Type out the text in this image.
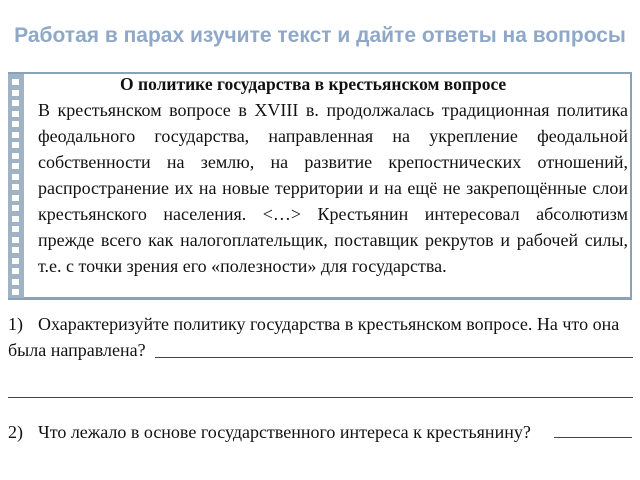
Работая в парах изучите текст и дайте ответы на вопросы
О политике государства в крестьянском вопросе

В крестьянском вопросе в XVIII в. продолжалась традиционная политика феодального государства, направленная на укрепление феодальной собственности на землю, на развитие крепостнических отношений, распространение их на новые территории и на ещё не закрепощённые слои крестьянского населения. <…> Крестьянин интересовал абсолютизм прежде всего как налогоплательщик, поставщик рекрутов и рабочей силы, т.е. с точки зрения его «полезности» для государства.

1) Охарактеризуйте политику государства в крестьянском вопросе. На что она
была направлена?
2) Что лежало в основе государственного интереса к крестьянину?
